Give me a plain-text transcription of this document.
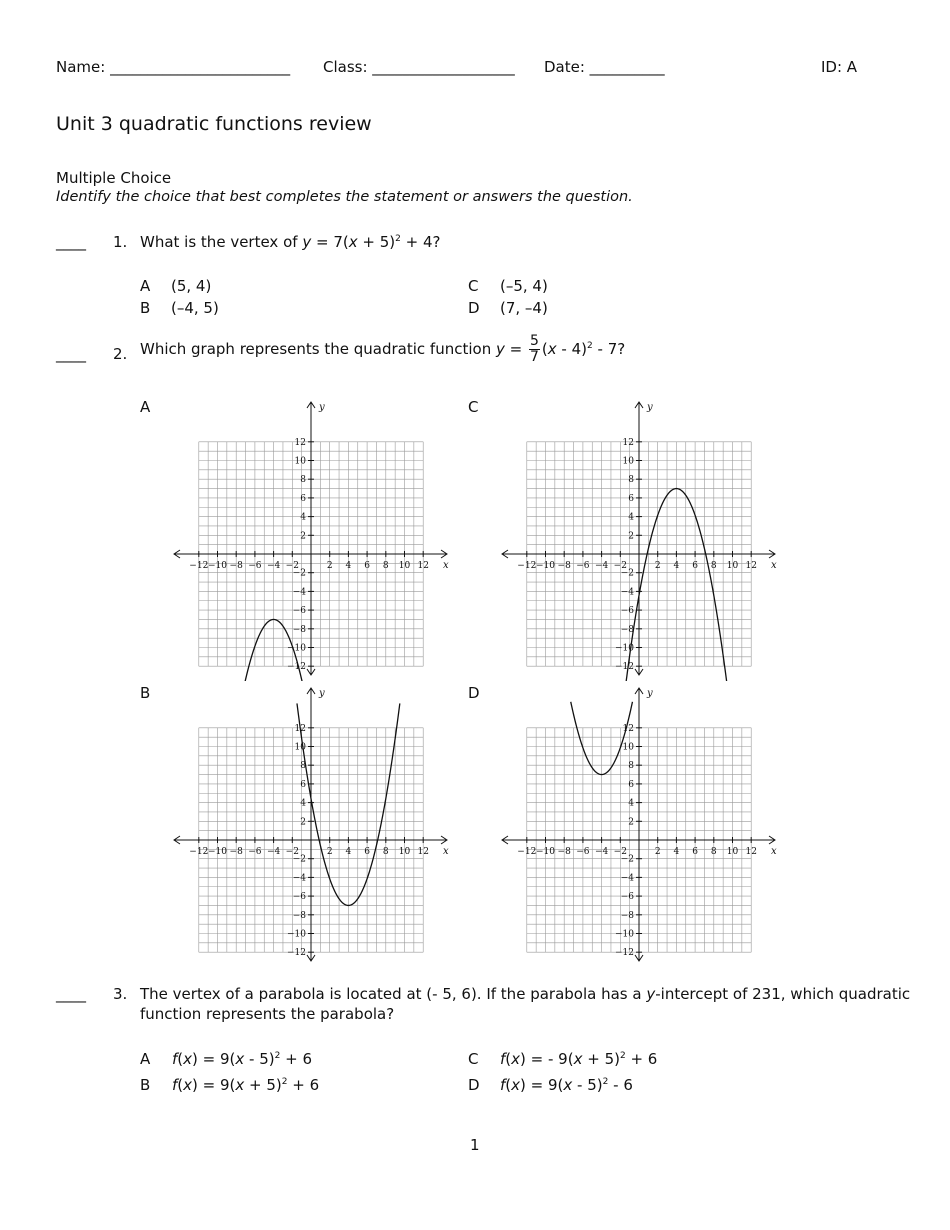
Name: ________________________ Class: ___________________ Date: __________	ID: A
Unit 3 quadratic functions review
Multiple Choice
Identify the choice that best completes the statement or answers the question.
____ 1. What is the vertex of $y = 7(x + 5)^2 + 4$?
A (5, 4)
B (–4, 5)
C (–5, 4)
D (7, –4)
____ 2. Which graph represents the quadratic function $y = \frac{5}{7} (x - 4)^2 - 7$?
A	C
B	D
x
y
−12
−12
−10
−10
−8
−8
−6
−6
−4
−4
−2
−2
2
2
4
4
6
6
8
8
10
10
12
12
x
y
−12
−12
−10
−10
−8
−8
−6
−6
−4
−4
−2
−2
2
2
4
4
6
6
8
8
10
10
12
12
x
y
−12
−12
−10
−10
−8
−8
−6
−6
−4
−4
−2
−2
2
2
4
4
6
6
8
8
10
10
12
12
x
y
−12
−12
−10
−10
−8
−8
−6
−6
−4
−4
−2
−2
2
2
4
4
6
6
8
8
10
10
12
12
____ 3. The vertex of a parabola is located at (- 5, 6). If the parabola has a y-intercept of 231, which quadratic
function represents the parabola?
A f(x) = 9(x - 5)$^2$ + 6
B $f(x) = 9(x + 5)^2 + 6$
C f(x) = - $9(x + 5)^2 + 6$
D f(x) = 9(x - 5)$^2$ - 6
1
